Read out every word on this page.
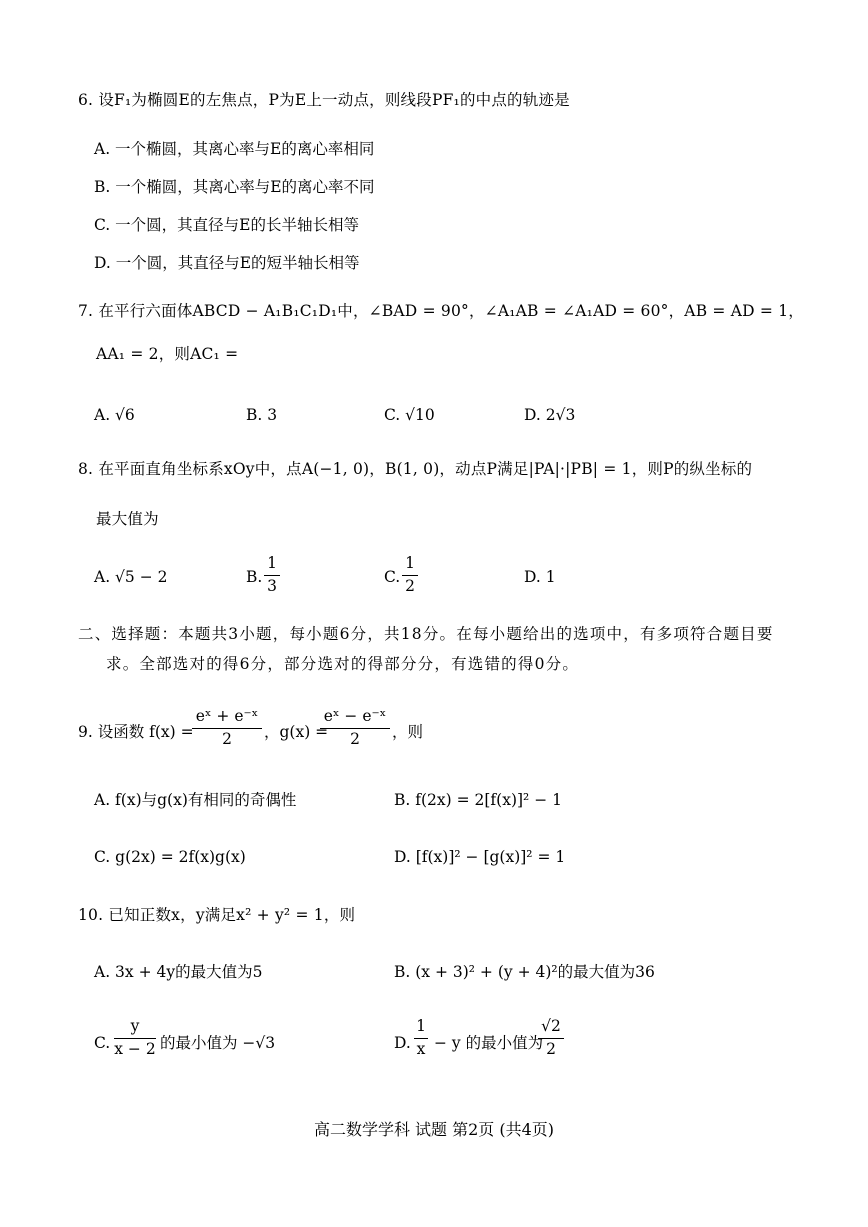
6. 设F₁为椭圆E的左焦点，P为E上一动点，则线段PF₁的中点的轨迹是
A. 一个椭圆，其离心率与E的离心率相同
B. 一个椭圆，其离心率与E的离心率不同
C. 一个圆，其直径与E的长半轴长相等
D. 一个圆，其直径与E的短半轴长相等
7. 在平行六面体ABCD − A₁B₁C₁D₁中，∠BAD = 90°，∠A₁AB = ∠A₁AD = 60°，AB = AD = 1，
AA₁ = 2，则AC₁ =
A. √6	B. 3	C. √10	D. 2√3
8. 在平面直角坐标系xOy中，点A(−1, 0)，B(1, 0)，动点P满足|PA|·|PB| = 1，则P的纵坐标的
最大值为
A. √5 − 2	B.
1
3	C.
1
2	D. 1
二、选择题：本题共3小题，每小题6分，共18分。在每小题给出的选项中，有多项符合题目要
求。全部选对的得6分，部分选对的得部分分，有选错的得0分。
9. 设函数 f(x) =
eˣ + e⁻ˣ
2	，g(x) =
eˣ − e⁻ˣ
2	，则
A. f(x)与g(x)有相同的奇偶性	B. f(2x) = 2[f(x)]² − 1
C. g(2x) = 2f(x)g(x)	D. [f(x)]² − [g(x)]² = 1
10. 已知正数x，y满足x² + y² = 1，则
A. 3x + 4y的最大值为5	B. (x + 3)² + (y + 4)²的最大值为36
C.
y
x − 2 的最小值为 −√3	D.
1
x − y 的最小值为
√2
2
高二数学学科 试题 第2页 (共4页)
